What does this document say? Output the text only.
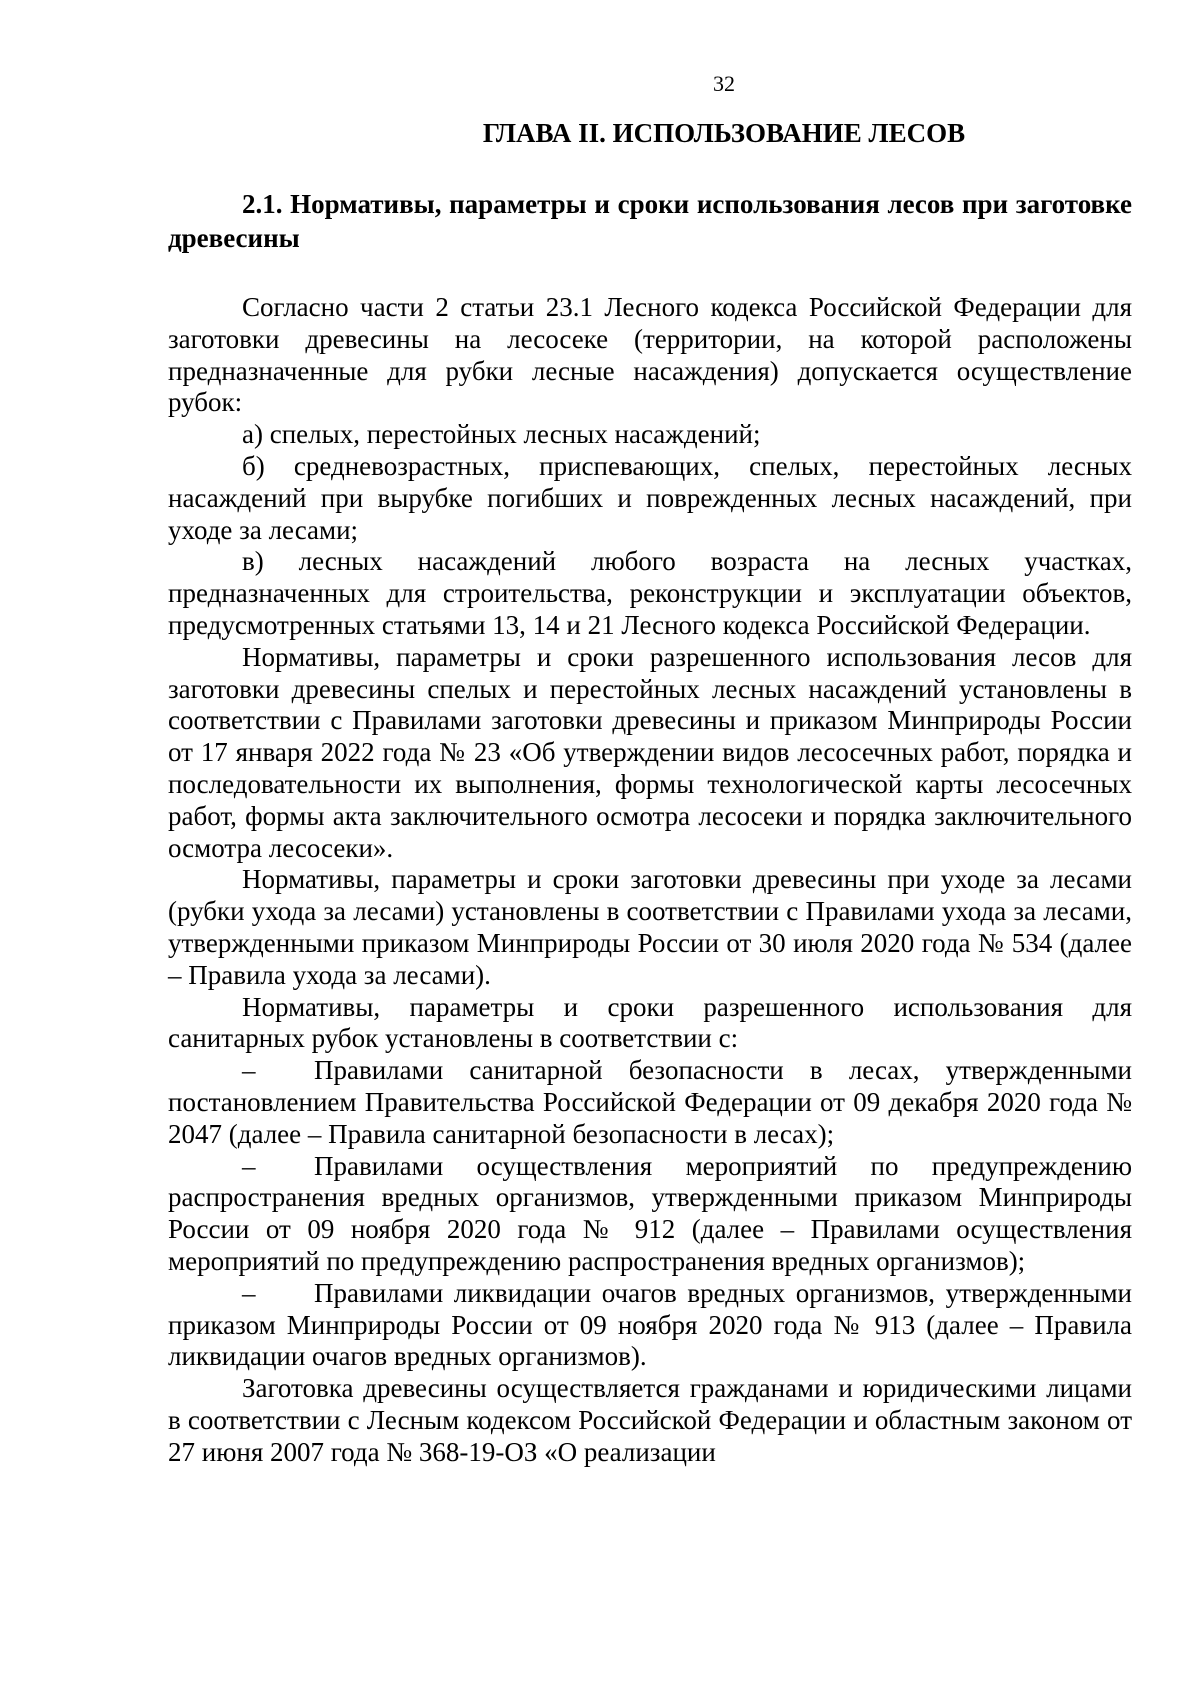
32
ГЛАВА II. ИСПОЛЬЗОВАНИЕ ЛЕСОВ
2.1. Нормативы, параметры и сроки использования лесов при заготовке древесины

Согласно части 2 статьи 23.1 Лесного кодекса Российской Федерации для заготовки древесины на лесосеке (территории, на которой расположены предназначенные для рубки лесные насаждения) допускается осуществление рубок:

а) спелых, перестойных лесных насаждений;

б) средневозрастных, приспевающих, спелых, перестойных лесных насаждений при вырубке погибших и поврежденных лесных насаждений, при уходе за лесами;

в) лесных насаждений любого возраста на лесных участках, предназначенных для строительства, реконструкции и эксплуатации объектов, предусмотренных статьями 13, 14 и 21 Лесного кодекса Российской Федерации.

Нормативы, параметры и сроки разрешенного использования лесов для заготовки древесины спелых и перестойных лесных насаждений установлены в соответствии с Правилами заготовки древесины и приказом Минприроды России от 17 января 2022 года № 23 «Об утверждении видов лесосечных работ, порядка и последовательности их выполнения, формы технологической карты лесосечных работ, формы акта заключительного осмотра лесосеки и порядка заключительного осмотра лесосеки».

Нормативы, параметры и сроки заготовки древесины при уходе за лесами (рубки ухода за лесами) установлены в соответствии с Правилами ухода за лесами, утвержденными приказом Минприроды России от 30 июля 2020 года № 534 (далее – Правила ухода за лесами).

Нормативы, параметры и сроки разрешенного использования для санитарных рубок установлены в соответствии с:

– Правилами санитарной безопасности в лесах, утвержденными постановлением Правительства Российской Федерации от 09 декабря 2020 года № 2047 (далее – Правила санитарной безопасности в лесах);

– Правилами осуществления мероприятий по предупреждению распространения вредных организмов, утвержденными приказом Минприроды России от 09 ноября 2020 года № 912 (далее – Правилами осуществления мероприятий по предупреждению распространения вредных организмов);

– Правилами ликвидации очагов вредных организмов, утвержденными приказом Минприроды России от 09 ноября 2020 года № 913 (далее – Правила ликвидации очагов вредных организмов).

Заготовка древесины осуществляется гражданами и юридическими лицами в соответствии с Лесным кодексом Российской Федерации и областным законом от 27 июня 2007 года № 368-19-ОЗ «О реализации
